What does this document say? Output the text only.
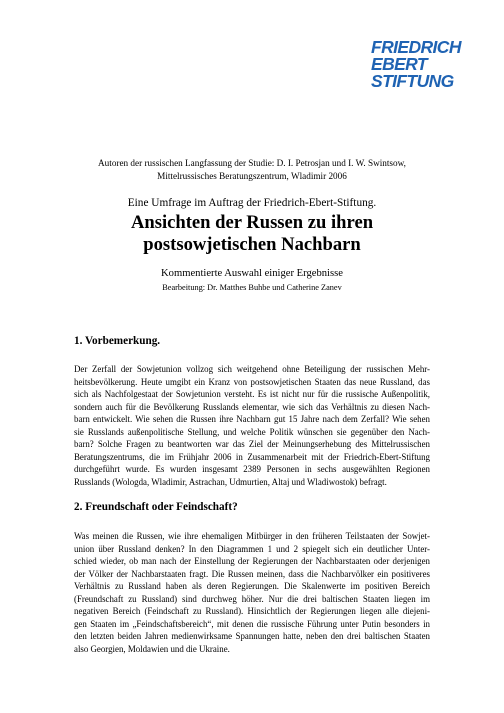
FRIEDRICH
EBERT
STIFTUNG
Autoren der russischen Langfassung der Studie: D. I. Petrosjan und I. W. Swintsow,
Mittelrussisches Beratungszentrum, Wladimir 2006
Eine Umfrage im Auftrag der Friedrich-Ebert-Stiftung.
Ansichten der Russen zu ihren
postsowjetischen Nachbarn
Kommentierte Auswahl einiger Ergebnisse
Bearbeitung: Dr. Matthes Buhbe und Catherine Zanev
1. Vorbemerkung.
Der Zerfall der Sowjetunion vollzog sich weitgehend ohne Beteiligung der russischen Mehr-
heitsbevölkerung. Heute umgibt ein Kranz von postsowjetischen Staaten das neue Russland, das
sich als Nachfolgestaat der Sowjetunion versteht. Es ist nicht nur für die russische Außenpolitik,
sondern auch für die Bevölkerung Russlands elementar, wie sich das Verhältnis zu diesen Nach-
barn entwickelt. Wie sehen die Russen ihre Nachbarn gut 15 Jahre nach dem Zerfall? Wie sehen
sie Russlands außenpolitische Stellung, und welche Politik wünschen sie gegenüber den Nach-
barn? Solche Fragen zu beantworten war das Ziel der Meinungserhebung des Mittelrussischen
Beratungszentrums, die im Frühjahr 2006 in Zusammenarbeit mit der Friedrich-Ebert-Stiftung
durchgeführt wurde. Es wurden insgesamt 2389 Personen in sechs ausgewählten Regionen
Russlands (Wologda, Wladimir, Astrachan, Udmurtien, Altaj und Wladiwostok) befragt.
2. Freundschaft oder Feindschaft?
Was meinen die Russen, wie ihre ehemaligen Mitbürger in den früheren Teilstaaten der Sowjet-
union über Russland denken? In den Diagrammen 1 und 2 spiegelt sich ein deutlicher Unter-
schied wieder, ob man nach der Einstellung der Regierungen der Nachbarstaaten oder derjenigen
der Völker der Nachbarstaaten fragt. Die Russen meinen, dass die Nachbarvölker ein positiveres
Verhältnis zu Russland haben als deren Regierungen. Die Skalenwerte im positiven Bereich
(Freundschaft zu Russland) sind durchweg höher. Nur die drei baltischen Staaten liegen im
negativen Bereich (Feindschaft zu Russland). Hinsichtlich der Regierungen liegen alle diejeni-
gen Staaten im „Feindschaftsbereich“, mit denen die russische Führung unter Putin besonders in
den letzten beiden Jahren medienwirksame Spannungen hatte, neben den drei baltischen Staaten
also Georgien, Moldawien und die Ukraine.
